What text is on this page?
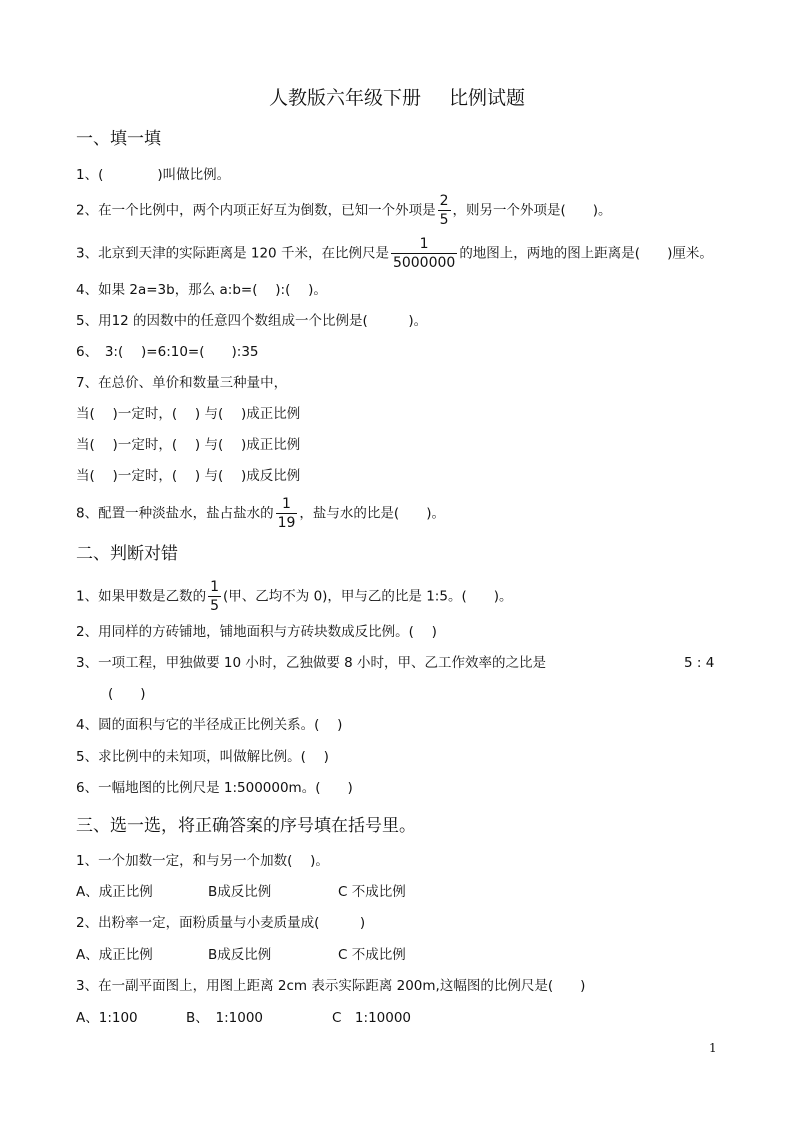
人教版六年级下册 比例试题
一、填一填
1、(　　　　)叫做比例。
2、在一个比例中，两个内项正好互为倒数，已知一个外项是 $\frac{2}{5}$ ，则另一个外项是(　　)。
3、北京到天津的实际距离是 120 千米，在比例尺是 $\frac{1}{5000000}$ 的地图上，两地的图上距离是(　　)厘米。
4、如果 2a=3b，那么 a:b=(　 ):(　 )。
5、用12 的因数中的任意四个数组成一个比例是(　　　)。
6、　3:(　 )=6:10=(　　):35
7、在总价、单价和数量三种量中，
当(　 )一定时，(　 ) 与(　 )成正比例
当(　 )一定时，(　 ) 与(　 )成正比例
当(　 )一定时，(　 ) 与(　 )成反比例
8、配置一种淡盐水，盐占盐水的 $\frac{1}{19}$ ，盐与水的比是(　　)。
二、判断对错
1、如果甲数是乙数的 $\frac{1}{5}$ (甲、乙均不为 0)，甲与乙的比是 1:5。(　　)。
2、用同样的方砖铺地，铺地面积与方砖块数成反比例。(　 )
3、一项工程，甲独做要 10 小时，乙独做要 8 小时，甲、乙工作效率的之比是	5 : 4
(　　)
4、圆的面积与它的半径成正比例关系。(　 )
5、求比例中的未知项，叫做解比例。(　 )
6、一幅地图的比例尺是 1:500000m。(　　)
三、选一选，将正确答案的序号填在括号里。
1、一个加数一定，和与另一个加数(　 )。
A、成正比例	B成反比例	C 不成比例
2、出粉率一定，面粉质量与小麦质量成(　　　)
A、成正比例	B成反比例	C 不成比例
3、在一副平面图上，用图上距离 2cm 表示实际距离 200m,这幅图的比例尺是(　　)
A、1:100	B、　1:1000	C　1:10000
1
